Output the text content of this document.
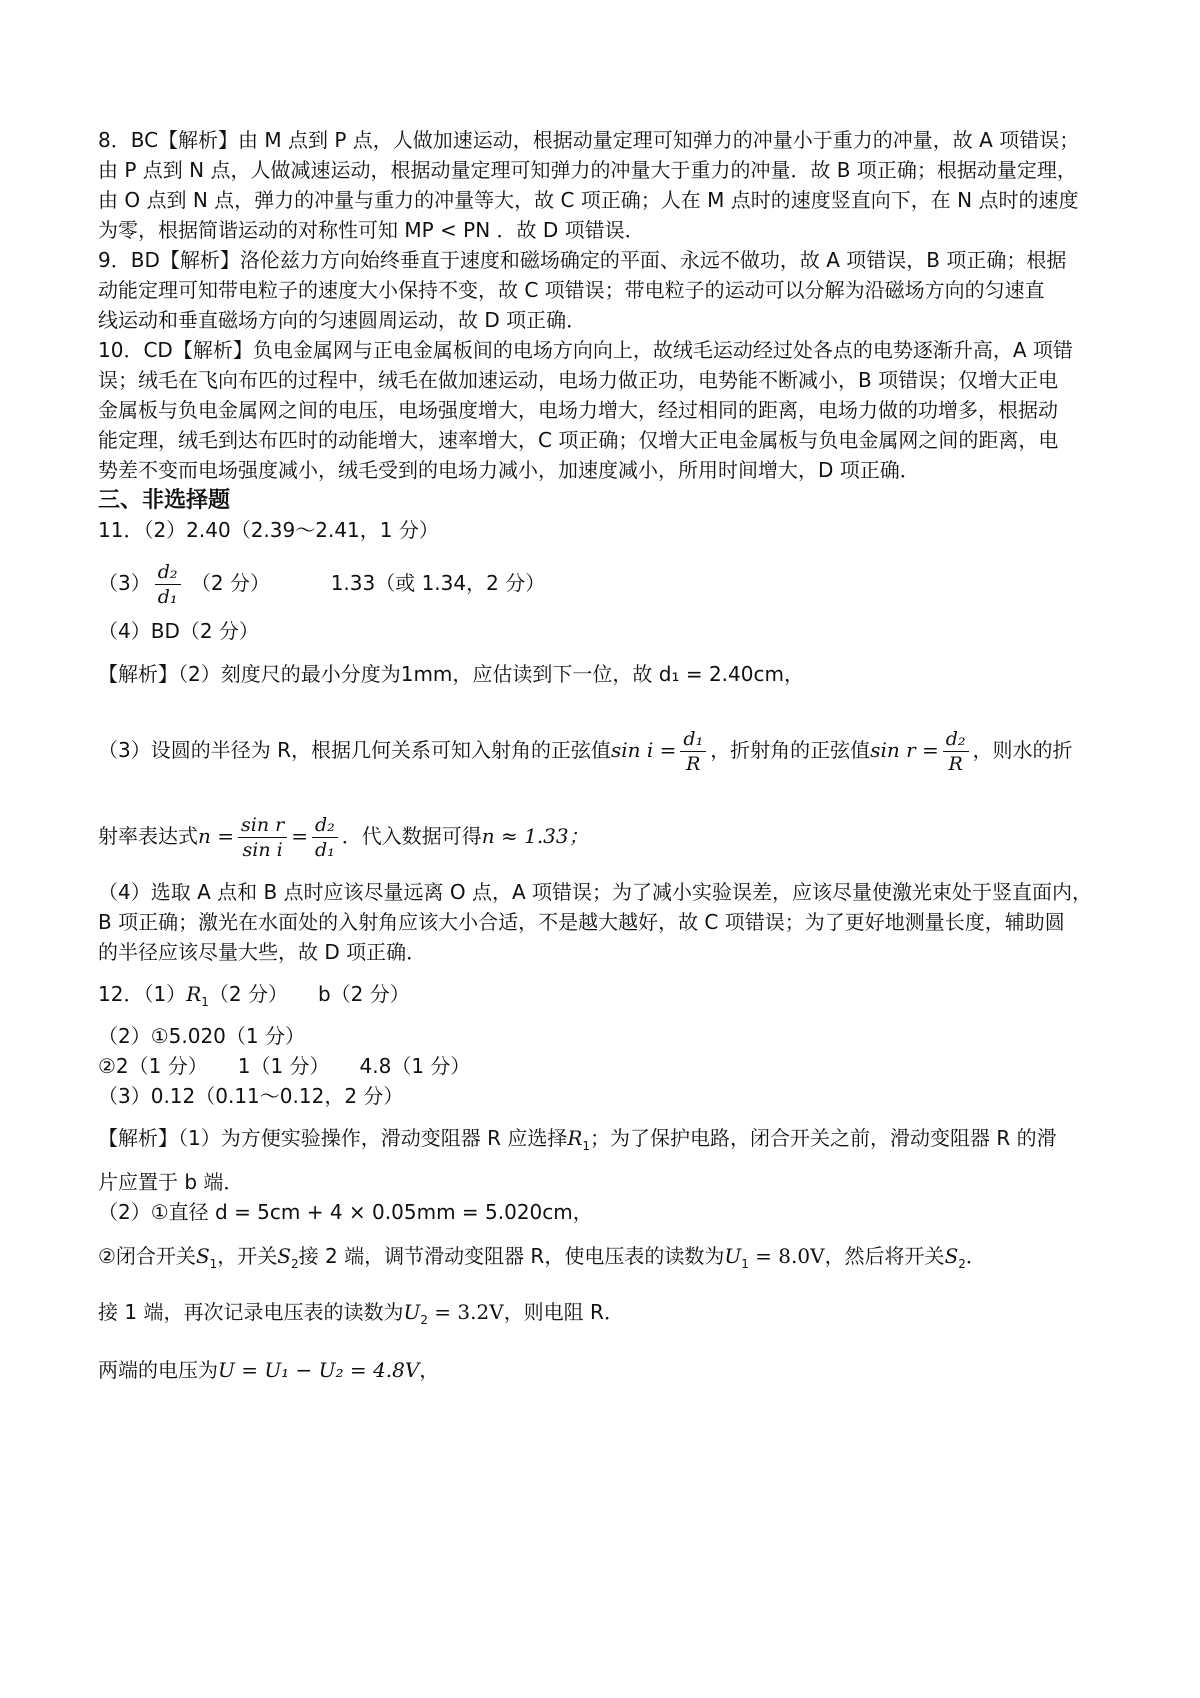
8．BC【解析】由 M 点到 P 点，人做加速运动，根据动量定理可知弹力的冲量小于重力的冲量，故 A 项错误；
由 P 点到 N 点，人做减速运动，根据动量定理可知弹力的冲量大于重力的冲量．故 B 项正确；根据动量定理，
由 O 点到 N 点，弹力的冲量与重力的冲量等大，故 C 项正确；人在 M 点时的速度竖直向下，在 N 点时的速度
为零，根据简谐运动的对称性可知 MP < PN ．故 D 项错误．
9．BD【解析】洛伦兹力方向始终垂直于速度和磁场确定的平面、永远不做功，故 A 项错误，B 项正确；根据
动能定理可知带电粒子的速度大小保持不变，故 C 项错误；带电粒子的运动可以分解为沿磁场方向的匀速直
线运动和垂直磁场方向的匀速圆周运动，故 D 项正确．
10．CD【解析】负电金属网与正电金属板间的电场方向向上，故绒毛运动经过处各点的电势逐渐升高，A 项错
误；绒毛在飞向布匹的过程中，绒毛在做加速运动，电场力做正功，电势能不断减小，B 项错误；仅增大正电
金属板与负电金属网之间的电压，电场强度增大，电场力增大，经过相同的距离，电场力做的功增多，根据动
能定理，绒毛到达布匹时的动能增大，速率增大，C 项正确；仅增大正电金属板与负电金属网之间的距离，电
势差不变而电场强度减小，绒毛受到的电场力减小，加速度减小，所用时间增大，D 项正确．
三、非选择题
11．（2）2.40（2.39～2.41，1 分）
$(3) \frac{\text{d₂}}{\text{d₁}} (2$ 分）	1.33（或 1.34，2 分）
（4）BD（2 分）
【解析】（2）刻度尺的最小分度为1mm，应估读到下一位，故 d₁ = 2.40cm，
（3）设圆的半径为 R，根据几何关系可知入射角的正弦值$\sin i = \frac{\text{d₁}}{R}$ ，折射角的正弦值$\sin r = \frac{\text{d₂}}{R}$ ，则水的折
射率表达式$n = \frac{\text{sin r}}{\text{sin i}} = \frac{\text{d₂}}{\text{d₁}}$ ．代入数据可得n ≈ 1.33；
（4）选取 A 点和 B 点时应该尽量远离 O 点，A 项错误；为了减小实验误差，应该尽量使激光束处于竖直面内，
B 项正确；激光在水面处的入射角应该大小合适，不是越大越好，故 C 项错误；为了更好地测量长度，辅助圆
的半径应该尽量大些，故 D 项正确．
12．$(1)R_1(2$ 分）　　b（2 分）
（2）①5.020（1 分）
②2（1 分）　　1（1 分）　　4.8（1 分）
（3）0.12（0.11～0.12，2 分）
【解析】（1）为方便实验操作，滑动变阻器 R 应选择$R_1$；为了保护电路，闭合开关之前，滑动变阻器 R 的滑
片应置于 b 端．
（2）①直径 d = 5cm + 4 × 0.05mm = 5.020cm，
②闭合开关$S_1$，开关$S_2$接 2 端，调节滑动变阻器 R，使电压表的读数为$U_1 = 8.0V$，然后将开关$S_2$．
接 1 端，再次记录电压表的读数为$U_2 = 3.2V$，则电阻 R．
两端的电压为U = U₁ − U₂ = 4.8V，
